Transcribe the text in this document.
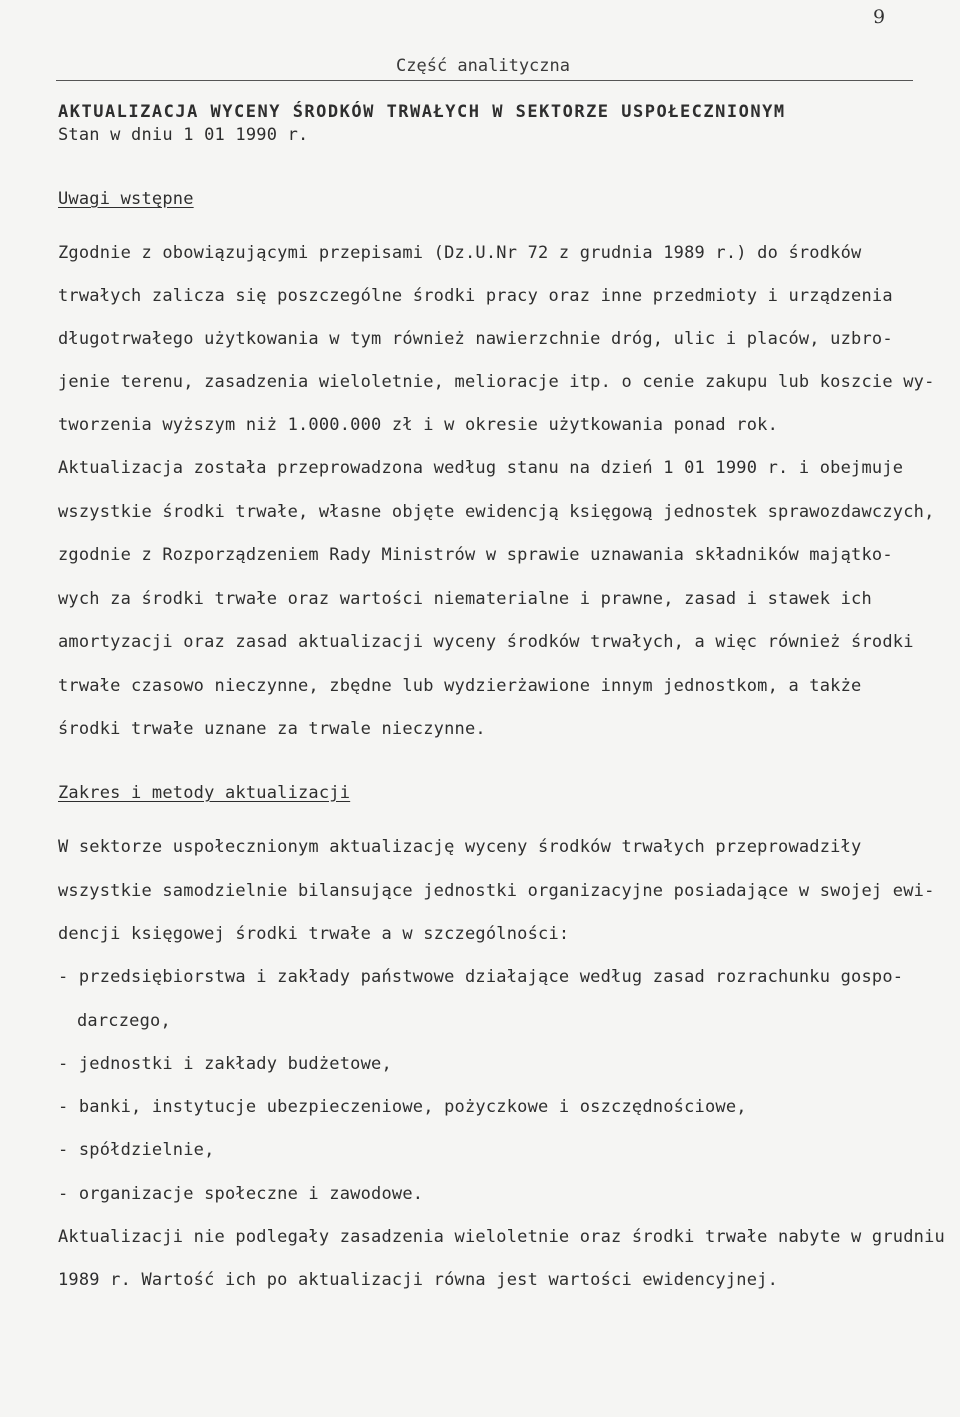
9
Część analityczna
AKTUALIZACJA WYCENY ŚRODKÓW TRWAŁYCH W SEKTORZE USPOŁECZNIONYM
Stan w dniu 1 01 1990 r.
Uwagi wstępne
Zgodnie z obowiązującymi przepisami (Dz.U.Nr 72 z grudnia 1989 r.) do środków
trwałych zalicza się poszczególne środki pracy oraz inne przedmioty i urządzenia
długotrwałego użytkowania w tym również nawierzchnie dróg, ulic i placów, uzbro-
jenie terenu, zasadzenia wieloletnie, melioracje itp. o cenie zakupu lub koszcie wy-
tworzenia wyższym niż 1.000.000 zł i w okresie użytkowania ponad rok.
Aktualizacja została przeprowadzona według stanu na dzień 1 01 1990 r. i obejmuje
wszystkie środki trwałe, własne objęte ewidencją księgową jednostek sprawozdawczych,
zgodnie z Rozporządzeniem Rady Ministrów w sprawie uznawania składników majątko-
wych za środki trwałe oraz wartości niematerialne i prawne, zasad i stawek ich
amortyzacji oraz zasad aktualizacji wyceny środków trwałych, a więc również środki
trwałe czasowo nieczynne, zbędne lub wydzierżawione innym jednostkom, a także
środki trwałe uznane za trwale nieczynne.
Zakres i metody aktualizacji
W sektorze uspołecznionym aktualizację wyceny środków trwałych przeprowadziły
wszystkie samodzielnie bilansujące jednostki organizacyjne posiadające w swojej ewi-
dencji księgowej środki trwałe a w szczególności:
- przedsiębiorstwa i zakłady państwowe działające według zasad rozrachunku gospo-
darczego,
- jednostki i zakłady budżetowe,
- banki, instytucje ubezpieczeniowe, pożyczkowe i oszczędnościowe,
- spółdzielnie,
- organizacje społeczne i zawodowe.
Aktualizacji nie podlegały zasadzenia wieloletnie oraz środki trwałe nabyte w grudniu
1989 r. Wartość ich po aktualizacji równa jest wartości ewidencyjnej.
